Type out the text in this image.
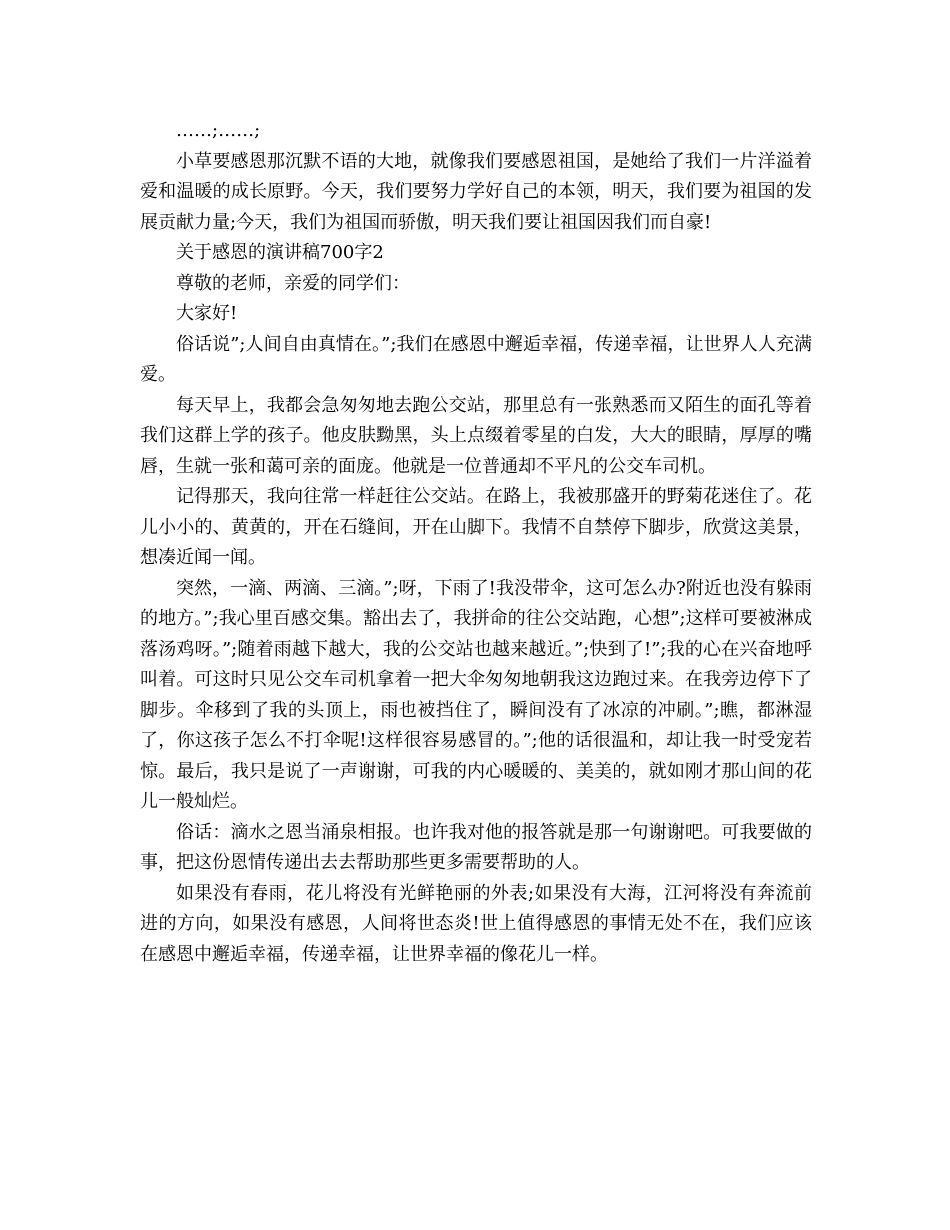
……;……;

小草要感恩那沉默不语的大地，就像我们要感恩祖国，是她给了我们一片洋溢着爱和温暖的成长原野。今天，我们要努力学好自己的本领，明天，我们要为祖国的发展贡献力量;今天，我们为祖国而骄傲，明天我们要让祖国因我们而自豪!

关于感恩的演讲稿700字2

尊敬的老师，亲爱的同学们：

大家好!

俗话说”;人间自由真情在。”;我们在感恩中邂逅幸福，传递幸福，让世界人人充满爱。

每天早上，我都会急匆匆地去跑公交站，那里总有一张熟悉而又陌生的面孔等着我们这群上学的孩子。他皮肤黝黑，头上点缀着零星的白发，大大的眼睛，厚厚的嘴唇，生就一张和蔼可亲的面庞。他就是一位普通却不平凡的公交车司机。

记得那天，我向往常一样赶往公交站。在路上，我被那盛开的野菊花迷住了。花儿小小的、黄黄的，开在石缝间，开在山脚下。我情不自禁停下脚步，欣赏这美景，想凑近闻一闻。

突然，一滴、两滴、三滴。”;呀，下雨了!我没带伞，这可怎么办?附近也没有躲雨的地方。”;我心里百感交集。豁出去了，我拼命的往公交站跑，心想”;这样可要被淋成落汤鸡呀。”;随着雨越下越大，我的公交站也越来越近。”;快到了!”;我的心在兴奋地呼叫着。可这时只见公交车司机拿着一把大伞匆匆地朝我这边跑过来。在我旁边停下了脚步。伞移到了我的头顶上，雨也被挡住了，瞬间没有了冰凉的冲刷。”;瞧，都淋湿了，你这孩子怎么不打伞呢!这样很容易感冒的。”;他的话很温和，却让我一时受宠若惊。最后，我只是说了一声谢谢，可我的内心暖暖的、美美的，就如刚才那山间的花儿一般灿烂。

俗话：滴水之恩当涌泉相报。也许我对他的报答就是那一句谢谢吧。可我要做的事，把这份恩情传递出去去帮助那些更多需要帮助的人。

如果没有春雨，花儿将没有光鲜艳丽的外表;如果没有大海，江河将没有奔流前进的方向，如果没有感恩，人间将世态炎!世上值得感恩的事情无处不在，我们应该在感恩中邂逅幸福，传递幸福，让世界幸福的像花儿一样。
